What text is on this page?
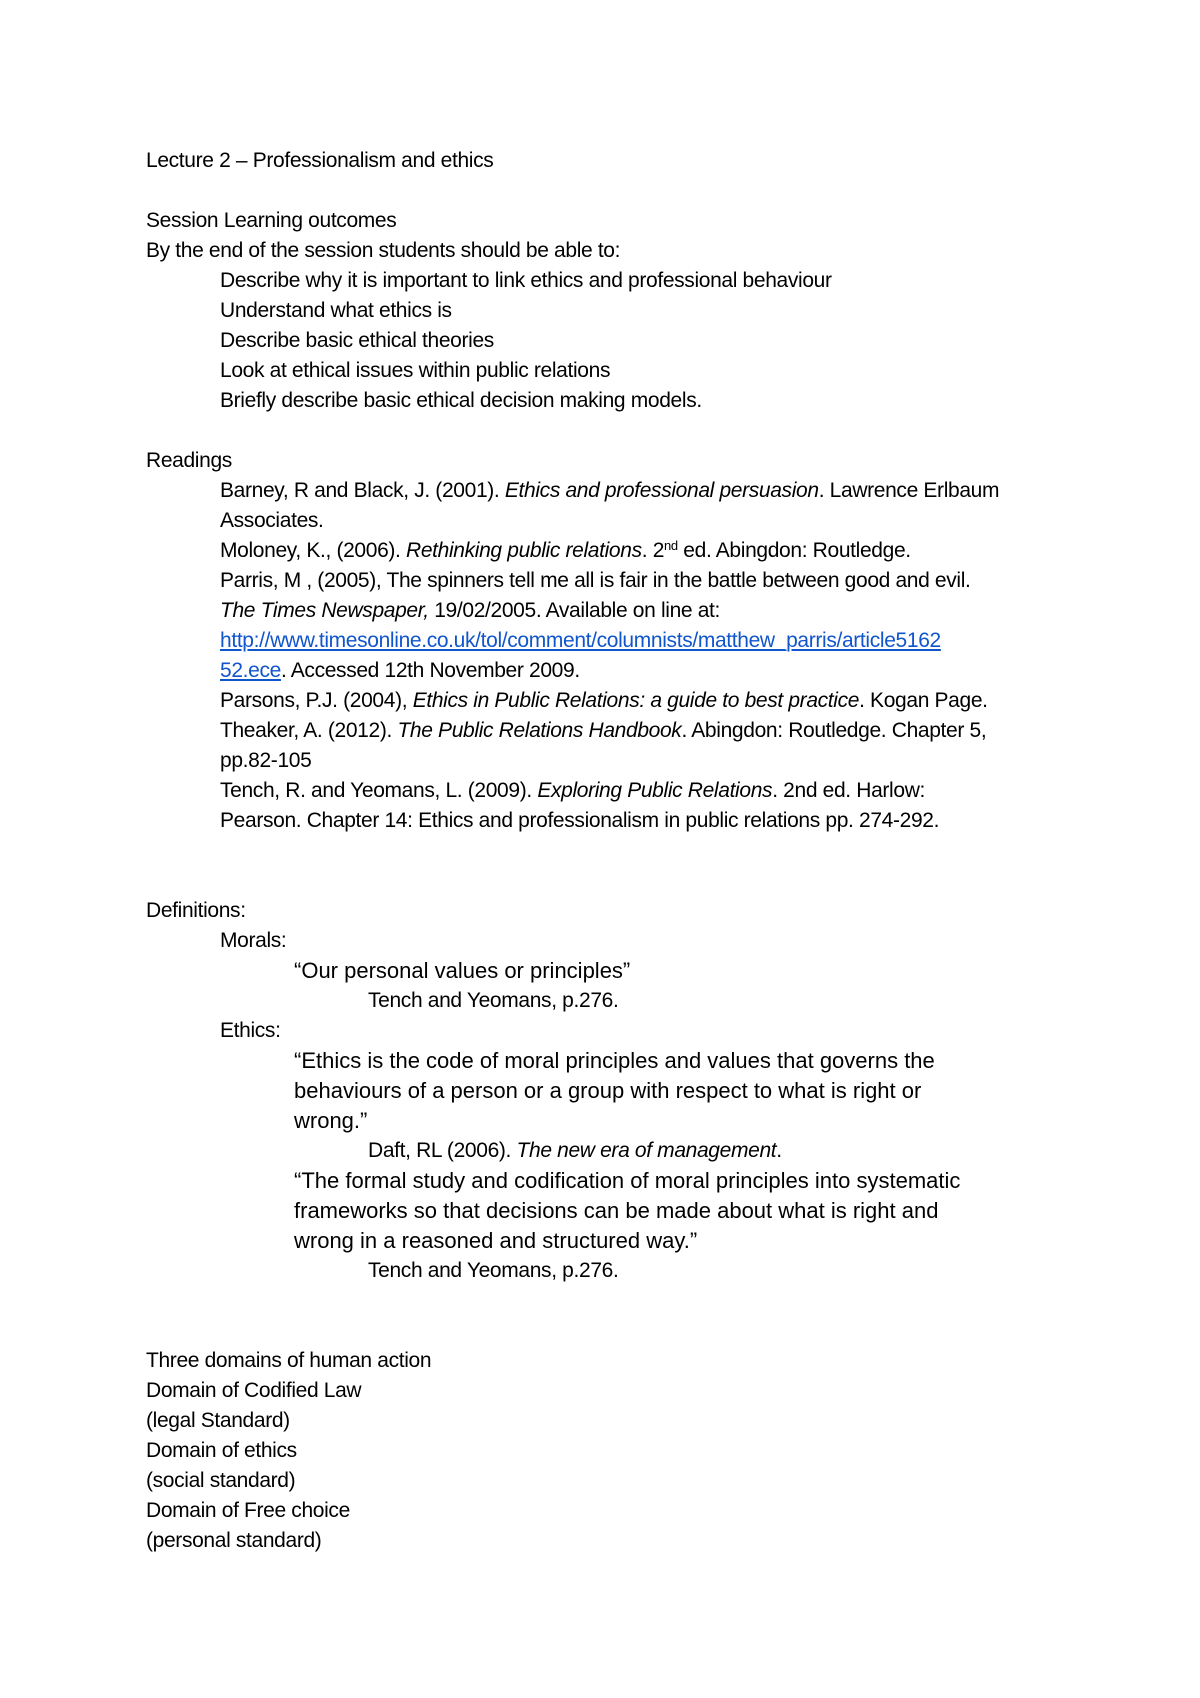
Lecture 2 – Professionalism and ethics

Session Learning outcomes

By the end of the session students should be able to:

Describe why it is important to link ethics and professional behaviour

Understand what ethics is

Describe basic ethical theories

Look at ethical issues within public relations

Briefly describe basic ethical decision making models.

Readings

Barney, R and Black, J. (2001). Ethics and professional persuasion. Lawrence Erlbaum

Associates.

Moloney, K., (2006). Rethinking public relations. 2nd ed. Abingdon: Routledge.

Parris, M , (2005), The spinners tell me all is fair in the battle between good and evil.

The Times Newspaper, 19/02/2005. Available on line at:

http://www.timesonline.co.uk/tol/comment/columnists/matthew_parris/article5162

52.ece. Accessed 12th November 2009.

Parsons, P.J. (2004), Ethics in Public Relations: a guide to best practice. Kogan Page.

Theaker, A. (2012). The Public Relations Handbook. Abingdon: Routledge. Chapter 5,

pp.82-105

Tench, R. and Yeomans, L. (2009). Exploring Public Relations. 2nd ed. Harlow:

Pearson. Chapter 14: Ethics and professionalism in public relations pp. 274-292.

Definitions:

Morals:

“Our personal values or principles”

Tench and Yeomans, p.276.

Ethics:

“Ethics is the code of moral principles and values that governs the

behaviours of a person or a group with respect to what is right or

wrong.”

Daft, RL (2006). The new era of management.

“The formal study and codification of moral principles into systematic

frameworks so that decisions can be made about what is right and

wrong in a reasoned and structured way.”

Tench and Yeomans, p.276.

Three domains of human action

Domain of Codified Law

(legal Standard)

Domain of ethics

(social standard)

Domain of Free choice

(personal standard)
